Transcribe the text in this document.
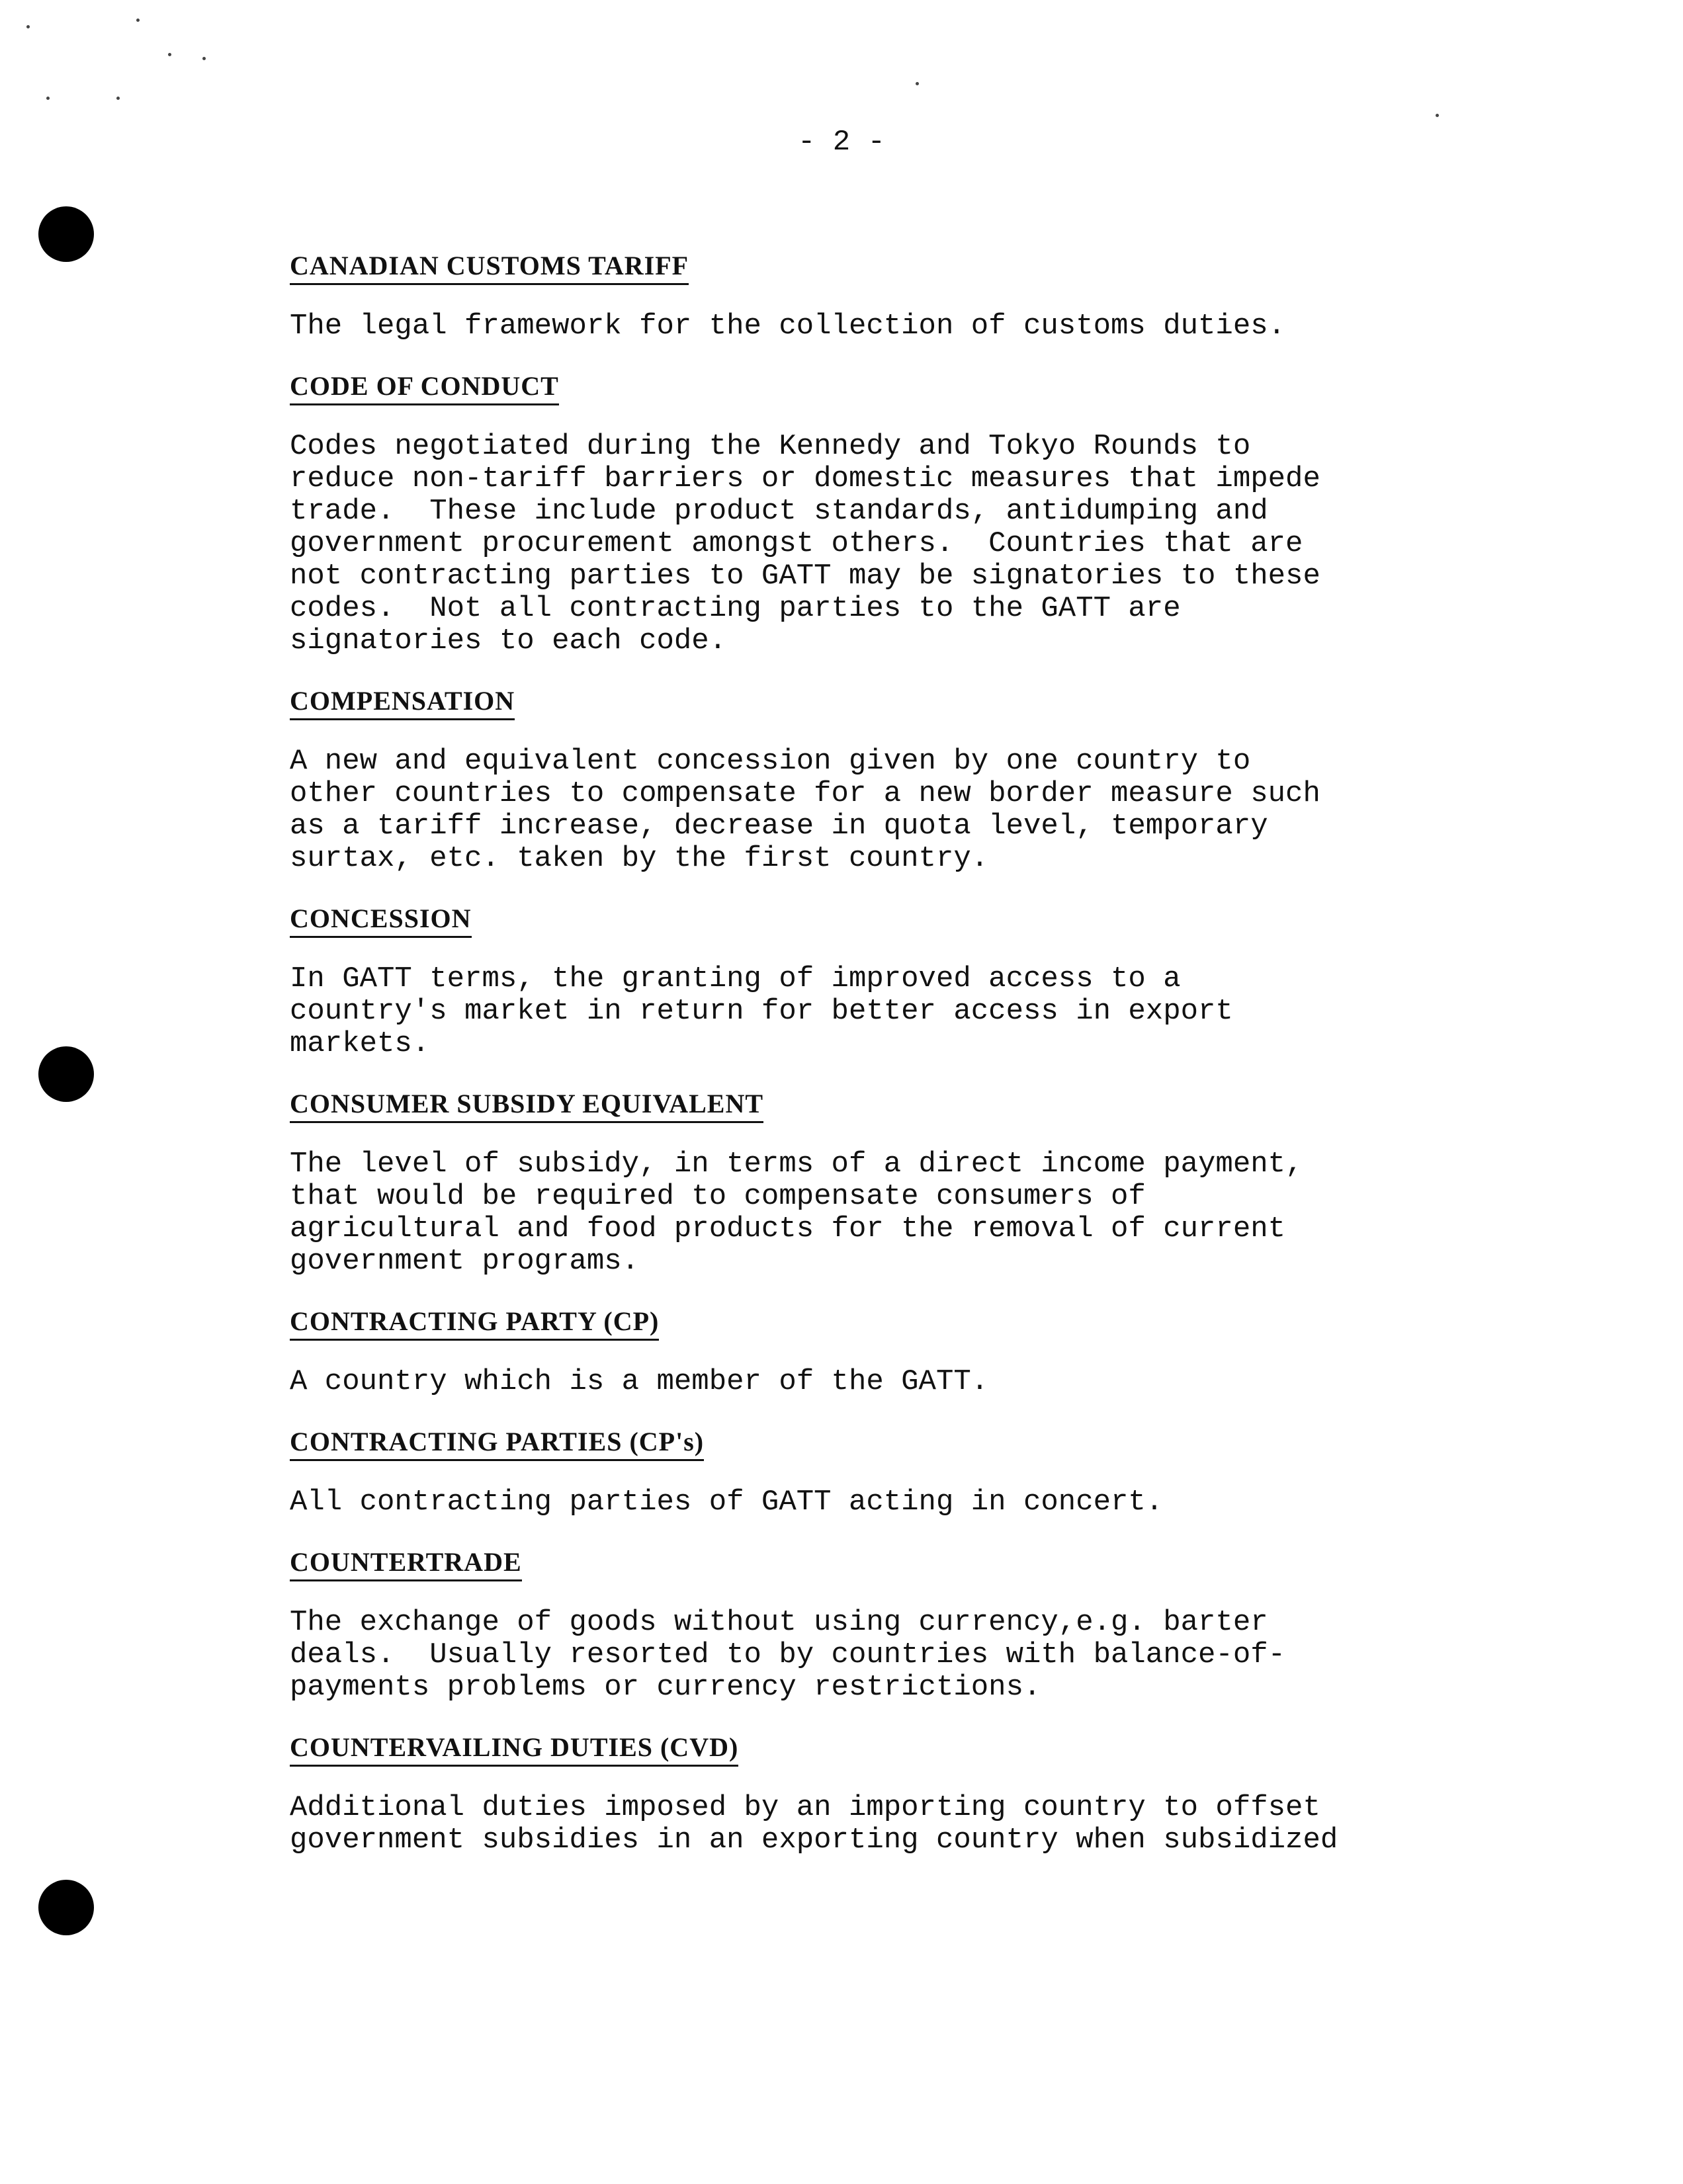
- 2 -
CANADIAN CUSTOMS TARIFF
The legal framework for the collection of customs duties.
CODE OF CONDUCT
Codes negotiated during the Kennedy and Tokyo Rounds to
reduce non-tariff barriers or domestic measures that impede
trade.  These include product standards, antidumping and
government procurement amongst others.  Countries that are
not contracting parties to GATT may be signatories to these
codes.  Not all contracting parties to the GATT are
signatories to each code.
COMPENSATION
A new and equivalent concession given by one country to
other countries to compensate for a new border measure such
as a tariff increase, decrease in quota level, temporary
surtax, etc. taken by the first country.
CONCESSION
In GATT terms, the granting of improved access to a
country's market in return for better access in export
markets.
CONSUMER SUBSIDY EQUIVALENT
The level of subsidy, in terms of a direct income payment,
that would be required to compensate consumers of
agricultural and food products for the removal of current
government programs.
CONTRACTING PARTY (CP)
A country which is a member of the GATT.
CONTRACTING PARTIES (CP's)
All contracting parties of GATT acting in concert.
COUNTERTRADE
The exchange of goods without using currency,e.g. barter
deals.  Usually resorted to by countries with balance-of-
payments problems or currency restrictions.
COUNTERVAILING DUTIES (CVD)
Additional duties imposed by an importing country to offset
government subsidies in an exporting country when subsidized
